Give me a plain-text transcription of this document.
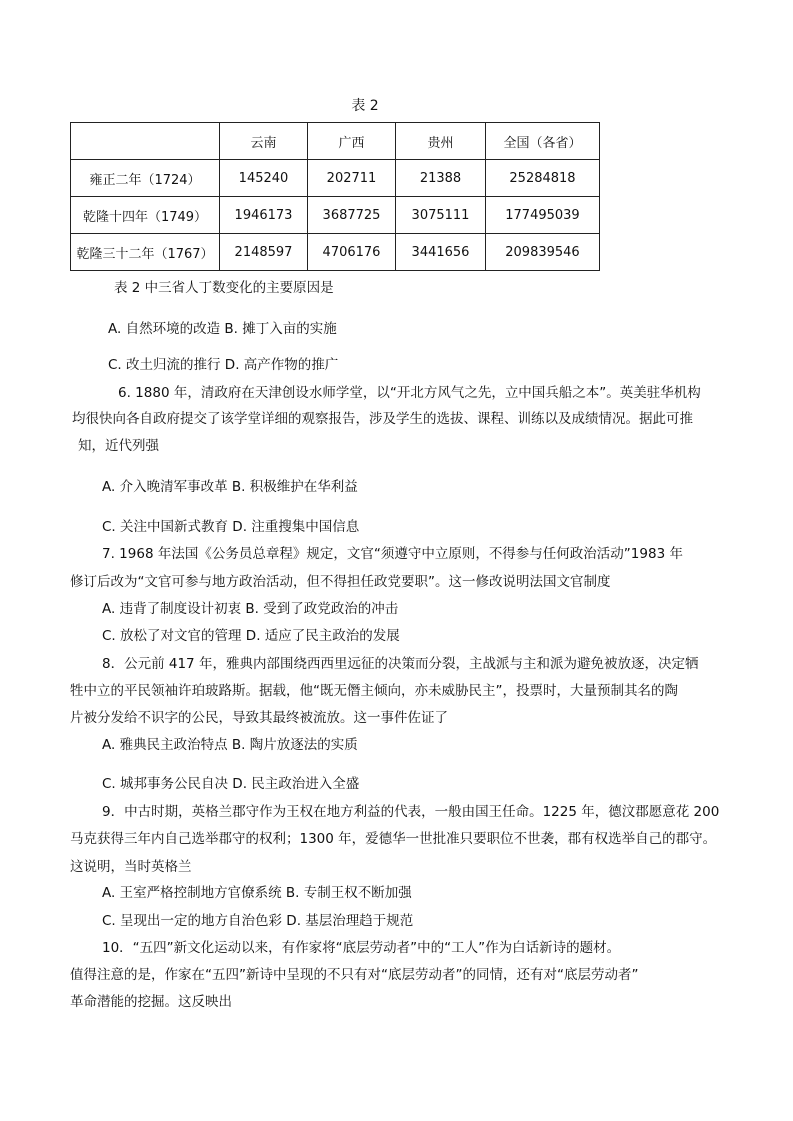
表 2
	云南	广西	贵州	全国（各省）
雍正二年（1724）	145240	202711	21388	25284818
乾隆十四年（1749）	1946173	3687725	3075111	177495039
乾隆三十二年（1767）	2148597	4706176	3441656	209839546
表 2 中三省人丁数变化的主要原因是
A. 自然环境的改造 B. 摊丁入亩的实施
C. 改土归流的推行 D. 高产作物的推广
6. 1880 年，清政府在天津创设水师学堂，以“开北方风气之先，立中国兵船之本”。英美驻华机构
均很快向各自政府提交了该学堂详细的观察报告，涉及学生的选拔、课程、训练以及成绩情况。据此可推
知，近代列强
A. 介入晚清军事改革 B. 积极维护在华利益
C. 关注中国新式教育 D. 注重搜集中国信息
7. 1968 年法国《公务员总章程》规定，文官“须遵守中立原则，不得参与任何政治活动”1983 年
修订后改为“文官可参与地方政治活动，但不得担任政党要职”。这一修改说明法国文官制度
A. 违背了制度设计初衷 B. 受到了政党政治的冲击
C. 放松了对文官的管理 D. 适应了民主政治的发展
8．公元前 417 年，雅典内部围绕西西里远征的决策而分裂，主战派与主和派为避免被放逐，决定牺
牲中立的平民领袖许珀玻路斯。据载，他“既无僭主倾向，亦未威胁民主”，投票时，大量预制其名的陶
片被分发给不识字的公民，导致其最终被流放。这一事件佐证了
A. 雅典民主政治特点 B. 陶片放逐法的实质
C. 城邦事务公民自决 D. 民主政治进入全盛
9．中古时期，英格兰郡守作为王权在地方利益的代表，一般由国王任命。1225 年，德汶郡愿意花 200
马克获得三年内自己选举郡守的权利；1300 年，爱德华一世批准只要职位不世袭，郡有权选举自己的郡守。
这说明，当时英格兰
A. 王室严格控制地方官僚系统 B. 专制王权不断加强
C. 呈现出一定的地方自治色彩 D. 基层治理趋于规范
10．“五四”新文化运动以来，有作家将“底层劳动者”中的“工人”作为白话新诗的题材。
值得注意的是，作家在“五四”新诗中呈现的不只有对“底层劳动者”的同情，还有对“底层劳动者”
革命潜能的挖掘。这反映出
